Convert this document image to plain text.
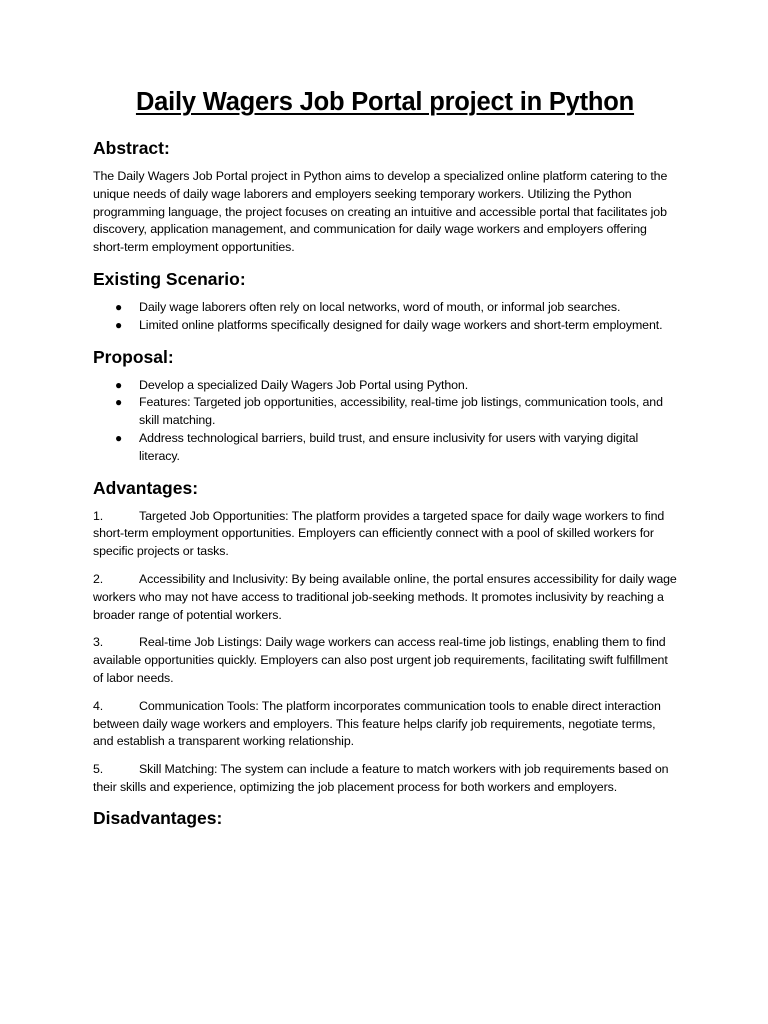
Daily Wagers Job Portal project in Python
Abstract:

The Daily Wagers Job Portal project in Python aims to develop a specialized online platform catering to the unique needs of daily wage laborers and employers seeking temporary workers. Utilizing the Python programming language, the project focuses on creating an intuitive and accessible portal that facilitates job discovery, application management, and communication for daily wage workers and employers offering short-term employment opportunities.

Existing Scenario:
● Daily wage laborers often rely on local networks, word of mouth, or informal job searches.
● Limited online platforms specifically designed for daily wage workers and short-term employment.
Proposal:
● Develop a specialized Daily Wagers Job Portal using Python.
● Features: Targeted job opportunities, accessibility, real-time job listings, communication tools, and skill matching.
● Address technological barriers, build trust, and ensure inclusivity for users with varying digital literacy.
Advantages:

1.	Targeted Job Opportunities: The platform provides a targeted space for daily wage workers to find short-term employment opportunities. Employers can efficiently connect with a pool of skilled workers for specific projects or tasks.

2.	Accessibility and Inclusivity: By being available online, the portal ensures accessibility for daily wage workers who may not have access to traditional job-seeking methods. It promotes inclusivity by reaching a broader range of potential workers.

3.	Real-time Job Listings: Daily wage workers can access real-time job listings, enabling them to find available opportunities quickly. Employers can also post urgent job requirements, facilitating swift fulfillment of labor needs.

4.	Communication Tools: The platform incorporates communication tools to enable direct interaction between daily wage workers and employers. This feature helps clarify job requirements, negotiate terms, and establish a transparent working relationship.

5.	Skill Matching: The system can include a feature to match workers with job requirements based on their skills and experience, optimizing the job placement process for both workers and employers.

Disadvantages:
